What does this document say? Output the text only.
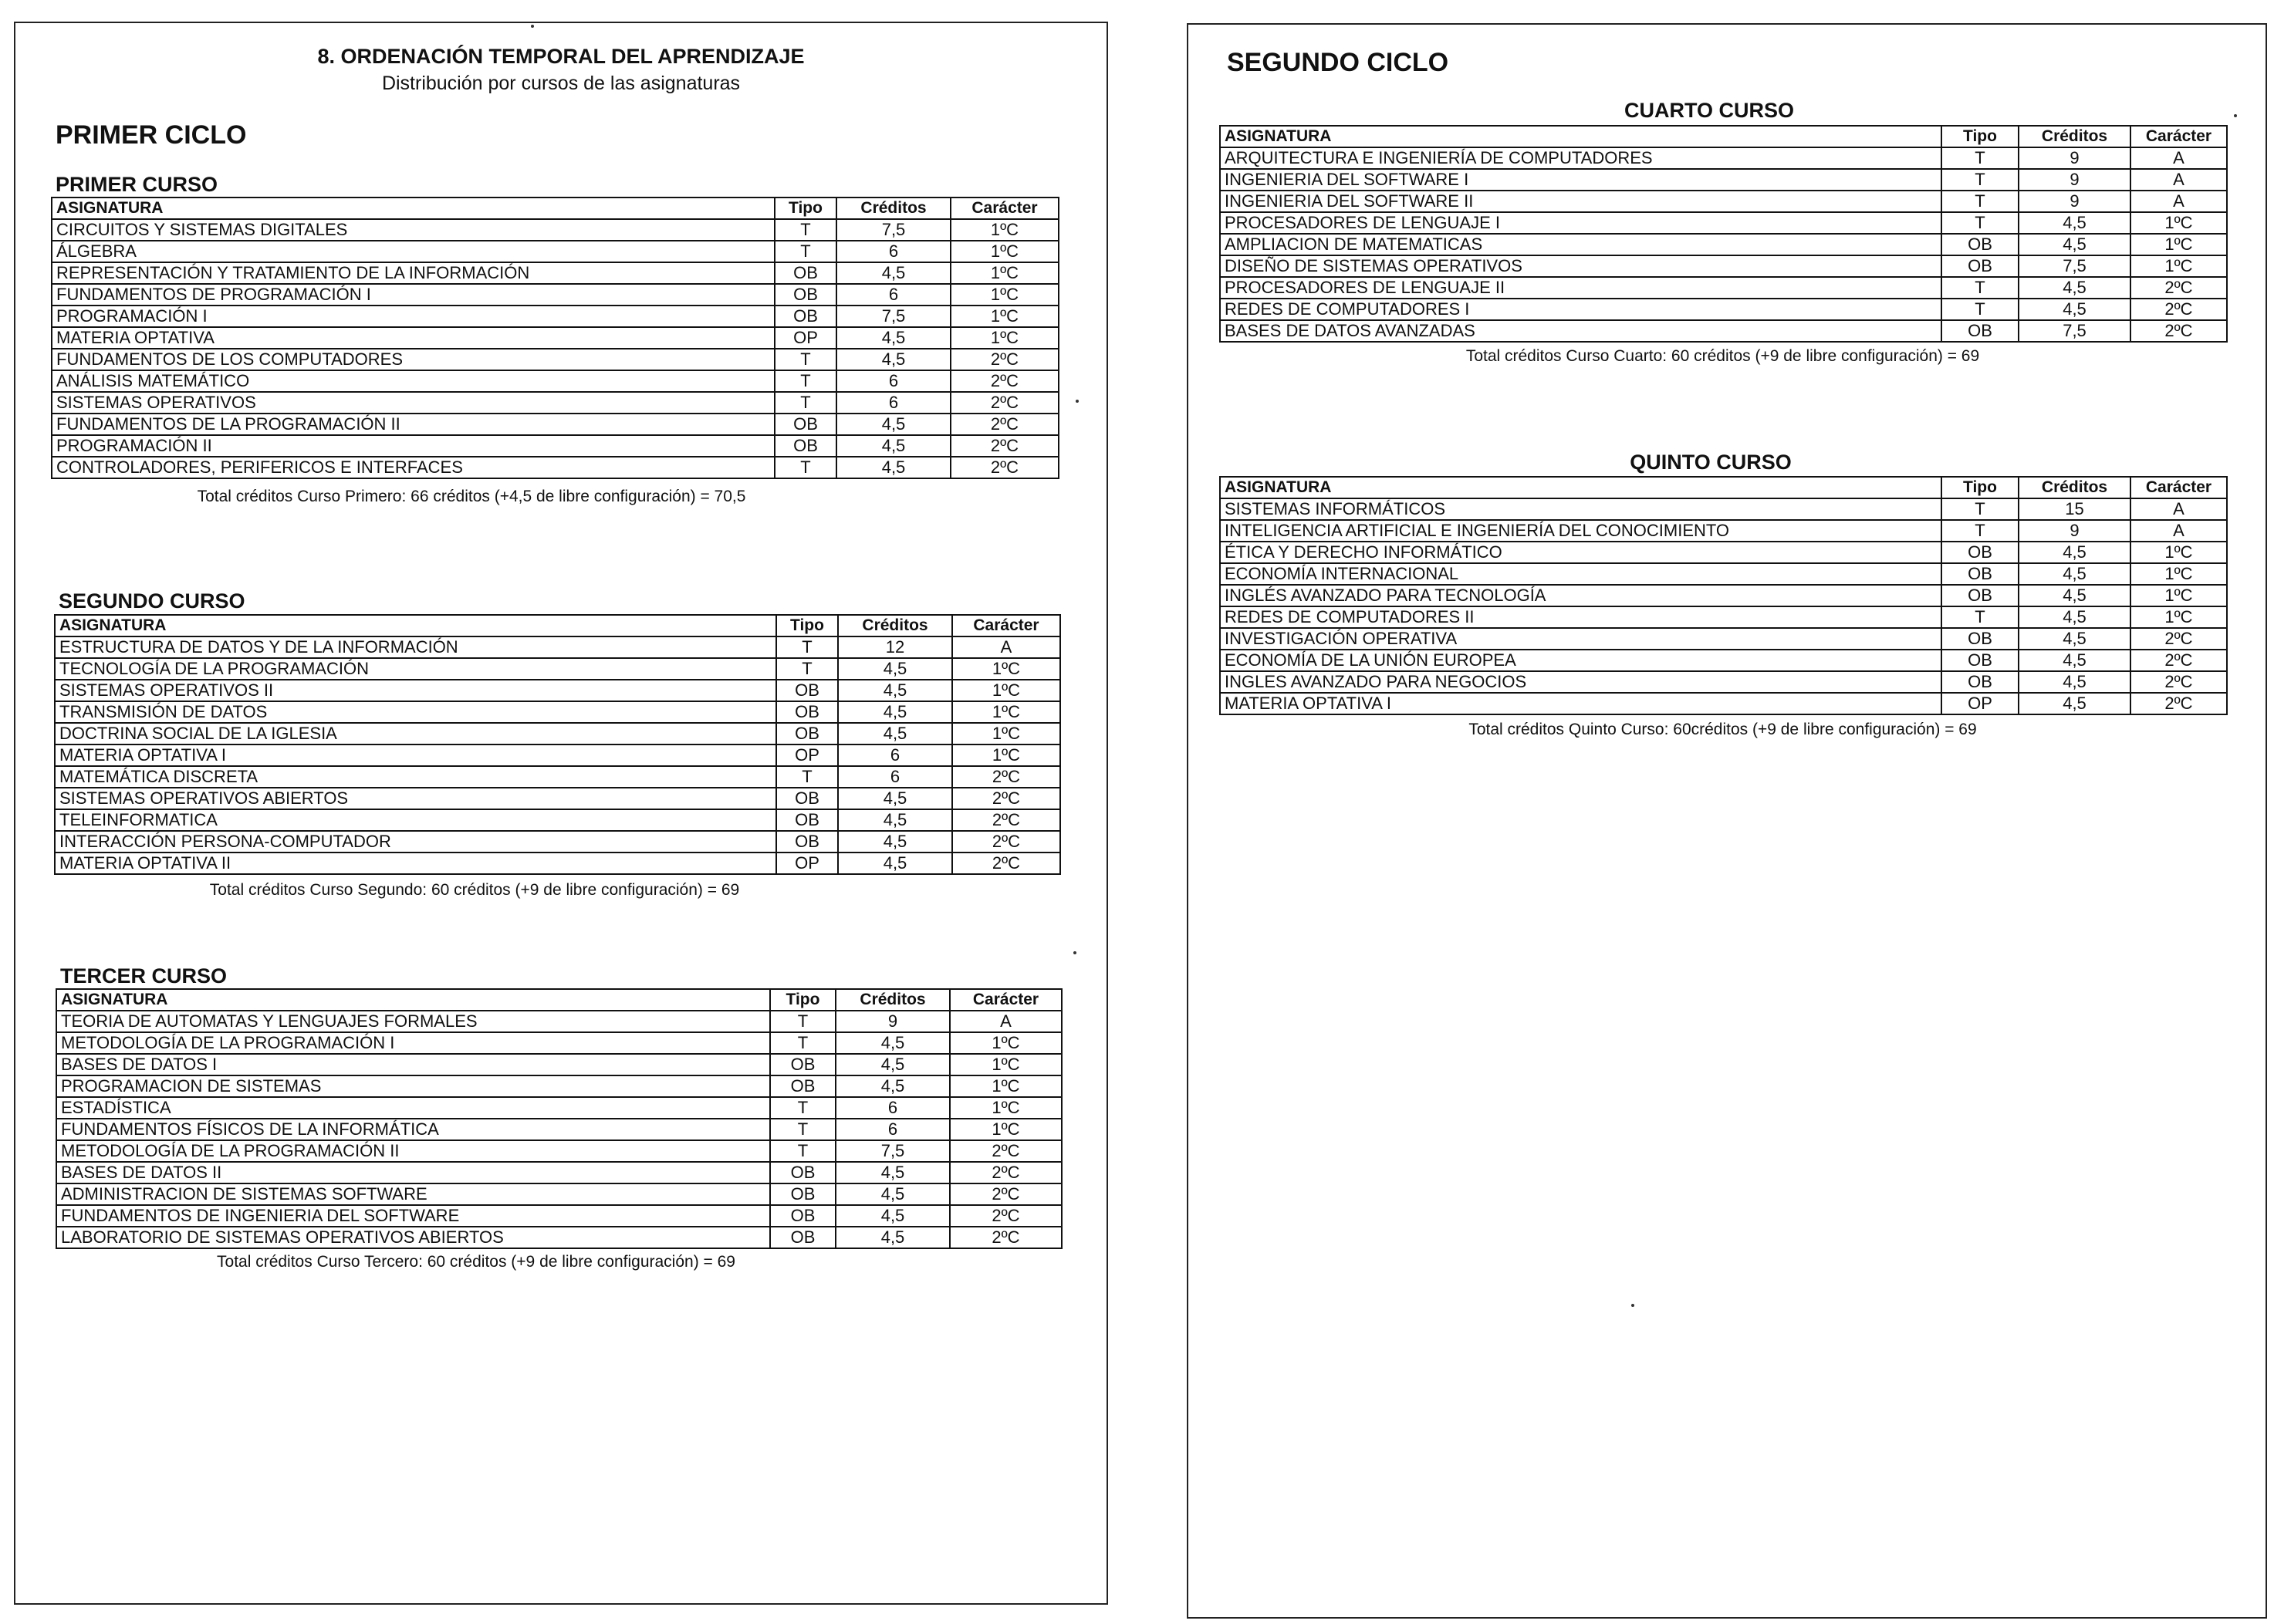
8. ORDENACIÓN TEMPORAL DEL APRENDIZAJE

Distribución por cursos de las asignaturas

PRIMER CICLO
PRIMER CURSO
ASIGNATURA	Tipo	Créditos	Carácter
CIRCUITOS Y SISTEMAS DIGITALES	T	7,5	1ºC
ÁLGEBRA	T	6	1ºC
REPRESENTACIÓN Y TRATAMIENTO DE LA INFORMACIÓN	OB	4,5	1ºC
FUNDAMENTOS DE PROGRAMACIÓN I	OB	6	1ºC
PROGRAMACIÓN I	OB	7,5	1ºC
MATERIA OPTATIVA	OP	4,5	1ºC
FUNDAMENTOS DE LOS COMPUTADORES	T	4,5	2ºC
ANÁLISIS MATEMÁTICO	T	6	2ºC
SISTEMAS OPERATIVOS	T	6	2ºC
FUNDAMENTOS DE LA PROGRAMACIÓN II	OB	4,5	2ºC
PROGRAMACIÓN II	OB	4,5	2ºC
CONTROLADORES, PERIFERICOS E INTERFACES	T	4,5	2ºC

Total créditos Curso Primero: 66 créditos (+4,5 de libre configuración) = 70,5

SEGUNDO CURSO
ASIGNATURA	Tipo	Créditos	Carácter
ESTRUCTURA DE DATOS Y DE LA INFORMACIÓN	T	12	A
TECNOLOGÍA DE LA PROGRAMACIÓN	T	4,5	1ºC
SISTEMAS OPERATIVOS II	OB	4,5	1ºC
TRANSMISIÓN DE DATOS	OB	4,5	1ºC
DOCTRINA SOCIAL DE LA IGLESIA	OB	4,5	1ºC
MATERIA OPTATIVA I	OP	6	1ºC
MATEMÁTICA DISCRETA	T	6	2ºC
SISTEMAS OPERATIVOS ABIERTOS	OB	4,5	2ºC
TELEINFORMATICA	OB	4,5	2ºC
INTERACCIÓN PERSONA-COMPUTADOR	OB	4,5	2ºC
MATERIA OPTATIVA II	OP	4,5	2ºC

Total créditos Curso Segundo: 60 créditos (+9 de libre configuración) = 69

TERCER CURSO
ASIGNATURA	Tipo	Créditos	Carácter
TEORIA DE AUTOMATAS Y LENGUAJES FORMALES	T	9	A
METODOLOGÍA DE LA PROGRAMACIÓN I	T	4,5	1ºC
BASES DE DATOS I	OB	4,5	1ºC
PROGRAMACION DE SISTEMAS	OB	4,5	1ºC
ESTADÍSTICA	T	6	1ºC
FUNDAMENTOS FÍSICOS DE LA INFORMÁTICA	T	6	1ºC
METODOLOGÍA DE LA PROGRAMACIÓN II	T	7,5	2ºC
BASES DE DATOS II	OB	4,5	2ºC
ADMINISTRACION DE SISTEMAS SOFTWARE	OB	4,5	2ºC
FUNDAMENTOS DE INGENIERIA DEL SOFTWARE	OB	4,5	2ºC
LABORATORIO DE SISTEMAS OPERATIVOS ABIERTOS	OB	4,5	2ºC

Total créditos Curso Tercero: 60 créditos (+9 de libre configuración) = 69

SEGUNDO CICLO
CUARTO CURSO
ASIGNATURA	Tipo	Créditos	Carácter
ARQUITECTURA E INGENIERÍA DE COMPUTADORES	T	9	A
INGENIERIA DEL SOFTWARE I	T	9	A
INGENIERIA DEL SOFTWARE II	T	9	A
PROCESADORES DE LENGUAJE I	T	4,5	1ºC
AMPLIACION DE MATEMATICAS	OB	4,5	1ºC
DISEÑO DE SISTEMAS OPERATIVOS	OB	7,5	1ºC
PROCESADORES DE LENGUAJE II	T	4,5	2ºC
REDES DE COMPUTADORES I	T	4,5	2ºC
BASES DE DATOS AVANZADAS	OB	7,5	2ºC

Total créditos Curso Cuarto: 60 créditos (+9 de libre configuración) = 69

QUINTO CURSO
ASIGNATURA	Tipo	Créditos	Carácter
SISTEMAS INFORMÁTICOS	T	15	A
INTELIGENCIA ARTIFICIAL E INGENIERÍA DEL CONOCIMIENTO	T	9	A
ÉTICA Y DERECHO INFORMÁTICO	OB	4,5	1ºC
ECONOMÍA INTERNACIONAL	OB	4,5	1ºC
INGLÉS AVANZADO PARA TECNOLOGÍA	OB	4,5	1ºC
REDES DE COMPUTADORES II	T	4,5	1ºC
INVESTIGACIÓN OPERATIVA	OB	4,5	2ºC
ECONOMÍA DE LA UNIÓN EUROPEA	OB	4,5	2ºC
INGLES AVANZADO PARA NEGOCIOS	OB	4,5	2ºC
MATERIA OPTATIVA I	OP	4,5	2ºC

Total créditos Quinto Curso: 60créditos (+9 de libre configuración) = 69
